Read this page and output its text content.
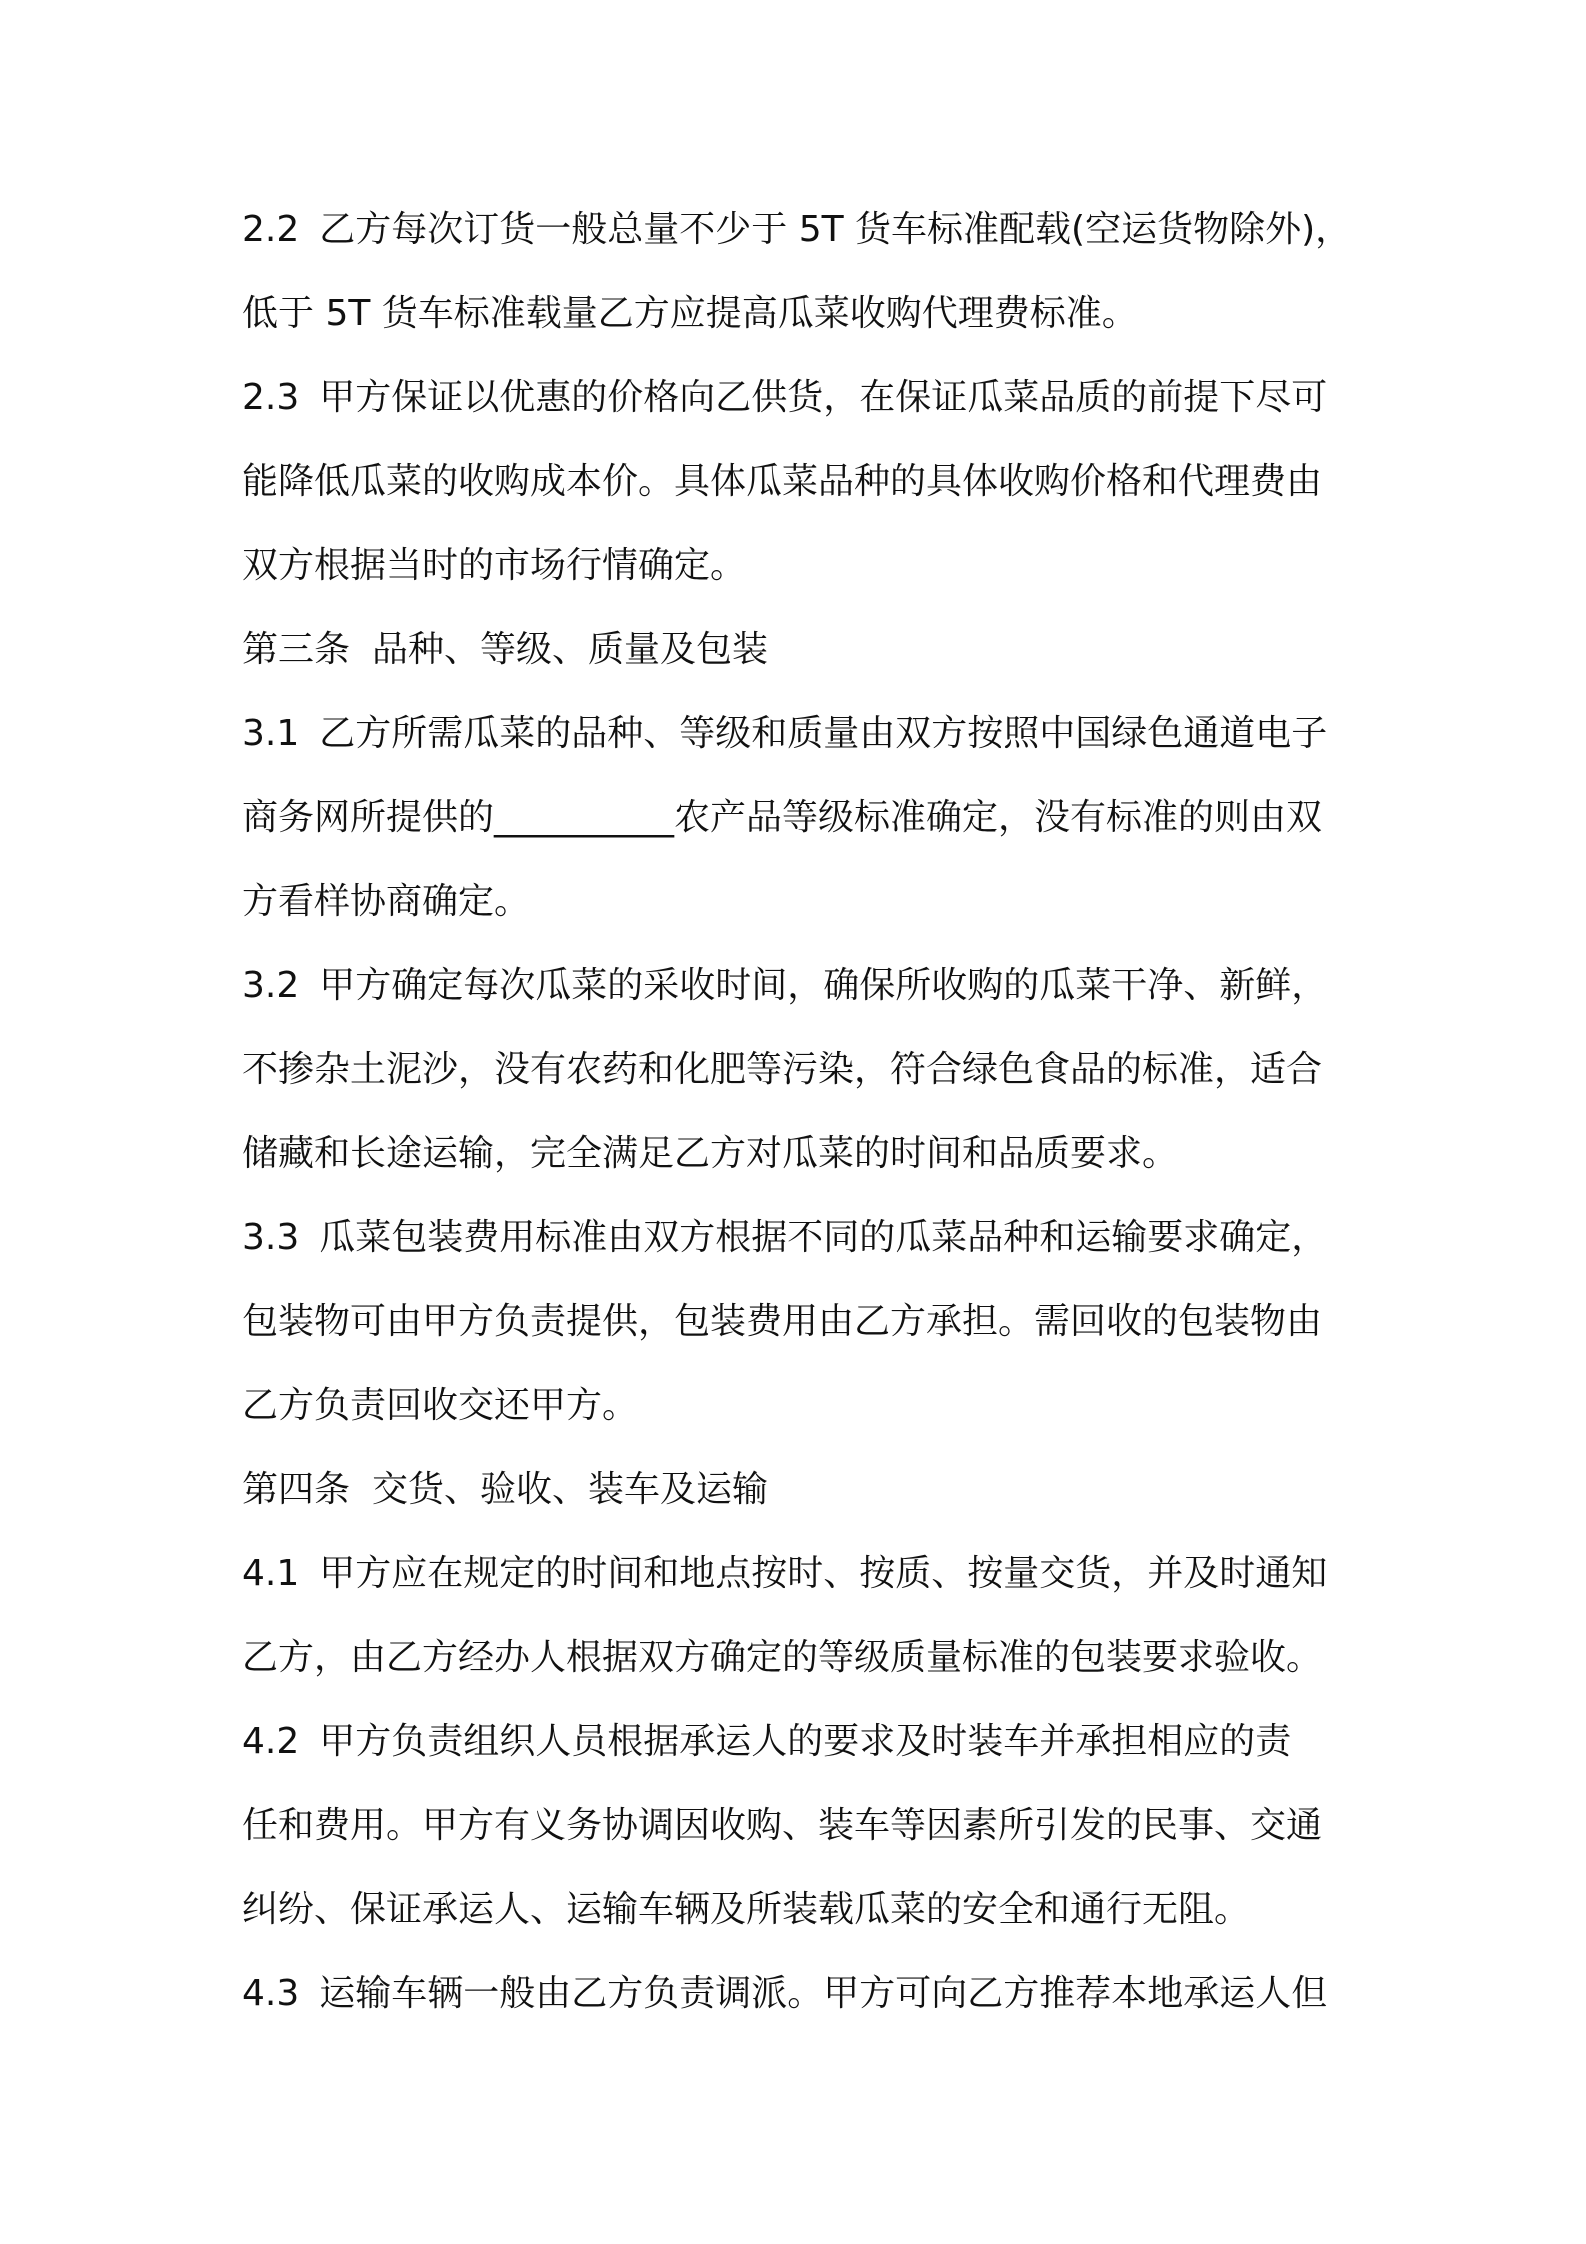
2.2 乙方每次订货一般总量不少于 5T 货车标准配载(空运货物除外)，
低于 5T 货车标准载量乙方应提高瓜菜收购代理费标准。
2.3 甲方保证以优惠的价格向乙供货，在保证瓜菜品质的前提下尽可
能降低瓜菜的收购成本价。具体瓜菜品种的具体收购价格和代理费由
双方根据当时的市场行情确定。
第三条 品种、等级、质量及包装
3.1 乙方所需瓜菜的品种、等级和质量由双方按照中国绿色通道电子
商务网所提供的__________农产品等级标准确定，没有标准的则由双
方看样协商确定。
3.2 甲方确定每次瓜菜的采收时间，确保所收购的瓜菜干净、新鲜，
不掺杂土泥沙，没有农药和化肥等污染，符合绿色食品的标准，适合
储藏和长途运输，完全满足乙方对瓜菜的时间和品质要求。
3.3 瓜菜包装费用标准由双方根据不同的瓜菜品种和运输要求确定，
包装物可由甲方负责提供，包装费用由乙方承担。需回收的包装物由
乙方负责回收交还甲方。
第四条 交货、验收、装车及运输
4.1 甲方应在规定的时间和地点按时、按质、按量交货，并及时通知
乙方，由乙方经办人根据双方确定的等级质量标准的包装要求验收。
4.2 甲方负责组织人员根据承运人的要求及时装车并承担相应的责
任和费用。甲方有义务协调因收购、装车等因素所引发的民事、交通
纠纷、保证承运人、运输车辆及所装载瓜菜的安全和通行无阻。
4.3 运输车辆一般由乙方负责调派。甲方可向乙方推荐本地承运人但
